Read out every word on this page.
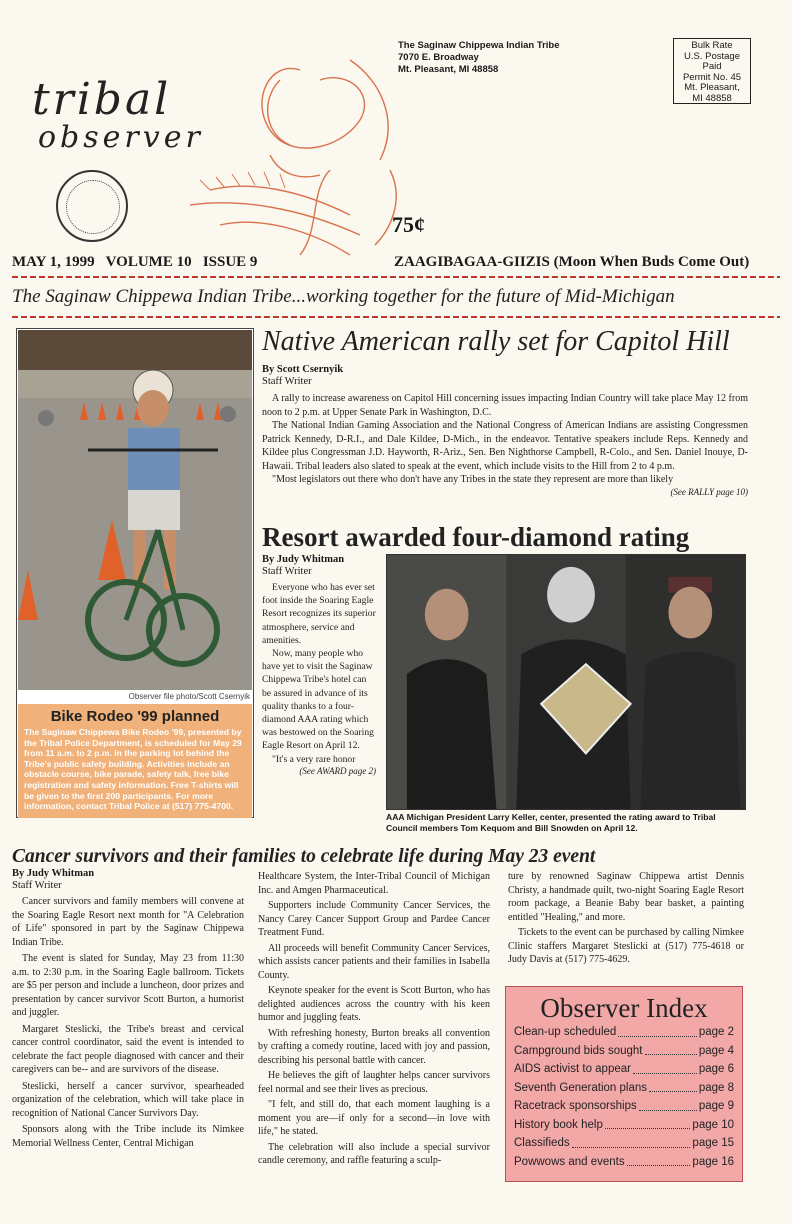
tribal
observer
The Saginaw Chippewa Indian Tribe
7070 E. Broadway
Mt. Pleasant, MI 48858
Bulk Rate
U.S. Postage
Paid
Permit No. 45
Mt. Pleasant,
MI 48858
75¢
MAY 1, 1999   VOLUME 10   ISSUE 9	ZAAGIBAGAA-GIIZIS (Moon When Buds Come Out)
The Saginaw Chippewa Indian Tribe...working together for the future of Mid-Michigan
Observer file photo/Scott Csernyik
Bike Rodeo '99 planned
The Saginaw Chippewa Bike Rodeo '99, presented by the Tribal Police Department, is scheduled for May 29 from 11 a.m. to 2 p.m. in the parking lot behind the Tribe's public safety building. Activities include an obstacle course, bike parade, safety talk, free bike registration and safety information. Free T-shirts will be given to the first 200 participants. For more information, contact Tribal Police at (517) 775-4700.
Native American rally set for Capitol Hill
By Scott Csernyik
Staff Writer

A rally to increase awareness on Capitol Hill concerning issues impacting Indian Country will take place May 12 from noon to 2 p.m. at Upper Senate Park in Washington, D.C.

The National Indian Gaming Association and the National Congress of American Indians are assisting Congressmen Patrick Kennedy, D-R.I., and Dale Kildee, D-Mich., in the endeavor. Tentative speakers include Reps. Kennedy and Kildee plus Congressman J.D. Hayworth, R-Ariz., Sen. Ben Nighthorse Campbell, R-Colo., and Sen. Daniel Inouye, D-Hawaii. Tribal leaders also slated to speak at the event, which include visits to the Hill from 2 to 4 p.m.

"Most legislators out there who don't have any Tribes in the state they represent are more than likely

(See RALLY page 10)
Resort awarded four-diamond rating
By Judy Whitman
Staff Writer

Everyone who has ever set foot inside the Soaring Eagle Resort recognizes its superior atmosphere, service and amenities.

Now, many people who have yet to visit the Saginaw Chippewa Tribe's hotel can be assured in advance of its quality thanks to a four-diamond AAA rating which was bestowed on the Soaring Eagle Resort on April 12.

"It's a very rare honor

(See AWARD page 2)
AAA Michigan President Larry Keller, center, presented the rating award to Tribal Council members Tom Kequom and Bill Snowden on April 12.
Cancer survivors and their families to celebrate life during May 23 event
By Judy Whitman
Staff Writer

Cancer survivors and family members will convene at the Soaring Eagle Resort next month for "A Celebration of Life" sponsored in part by the Saginaw Chippewa Indian Tribe.

The event is slated for Sunday, May 23 from 11:30 a.m. to 2:30 p.m. in the Soaring Eagle ballroom. Tickets are $5 per person and include a luncheon, door prizes and presentation by cancer survivor Scott Burton, a humorist and juggler.

Margaret Steslicki, the Tribe's breast and cervical cancer control coordinator, said the event is intended to celebrate the fact people diagnosed with cancer and their caregivers can be-- and are survivors of the disease.

Steslicki, herself a cancer survivor, spearheaded organization of the celebration, which will take place in recognition of National Cancer Survivors Day.

Sponsors along with the Tribe include its Nimkee Memorial Wellness Center, Central Michigan

Healthcare System, the Inter-Tribal Council of Michigan Inc. and Amgen Pharmaceutical.

Supporters include Community Cancer Services, the Nancy Carey Cancer Support Group and Pardee Cancer Treatment Fund.

All proceeds will benefit Community Cancer Services, which assists cancer patients and their families in Isabella County.

Keynote speaker for the event is Scott Burton, who has delighted audiences across the country with his keen humor and juggling feats.

With refreshing honesty, Burton breaks all convention by crafting a comedy routine, laced with joy and passion, describing his personal battle with cancer.

He believes the gift of laughter helps cancer survivors feel normal and see their lives as precious.

"I felt, and still do, that each moment laughing is a moment you are—if only for a second—in love with life," he stated.

The celebration will also include a special survivor candle ceremony, and raffle featuring a sculp-

ture by renowned Saginaw Chippewa artist Dennis Christy, a handmade quilt, two-night Soaring Eagle Resort room package, a Beanie Baby bear basket, a painting entitled "Healing," and more.

Tickets to the event can be purchased by calling Nimkee Clinic staffers Margaret Steslicki at (517) 775-4618 or Judy Davis at (517) 775-4629.

Observer Index
Clean-up scheduled	page 2
Campground bids sought	page 4
AIDS activist to appear	page 6
Seventh Generation plans	page 8
Racetrack sponsorships	page 9
History book help	page 10
Classifieds	page 15
Powwows and events	page 16
